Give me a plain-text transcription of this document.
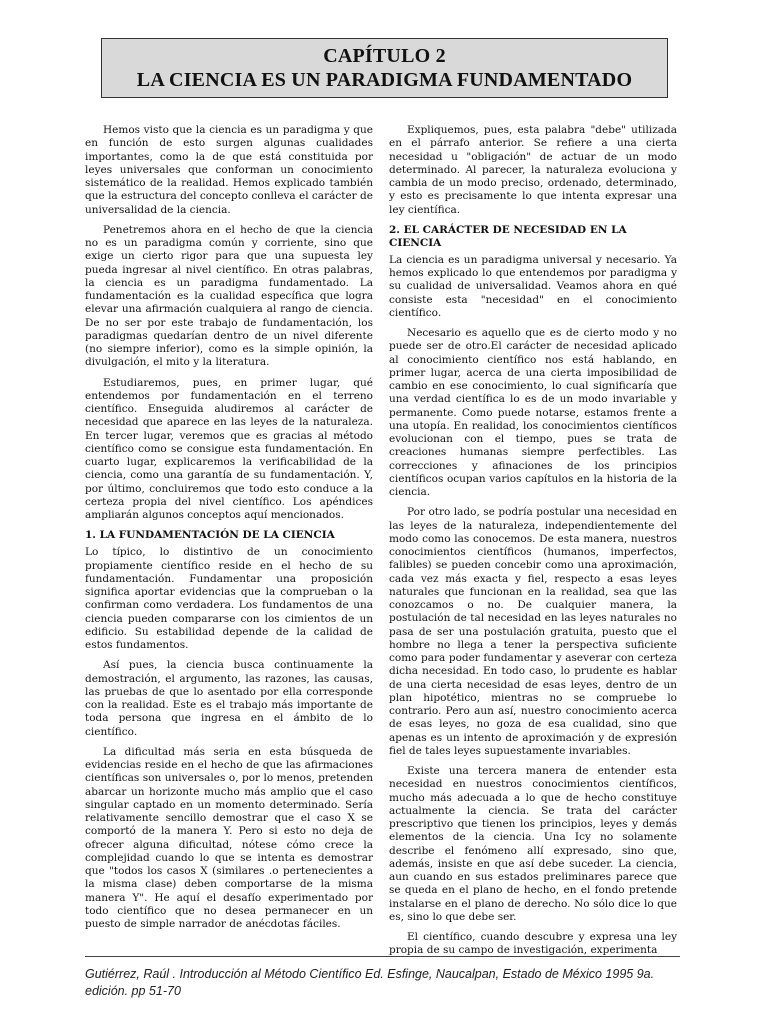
CAPÍTULO 2
LA CIENCIA ES UN PARADIGMA FUNDAMENTADO

Hemos visto que la ciencia es un paradigma y que en función de esto surgen algunas cualidades importantes, como la de que está constituida por leyes universales que conforman un conocimiento sistemático de la realidad. Hemos explicado también que la estructura del concepto conlleva el carácter de universalidad de la ciencia.

Penetremos ahora en el hecho de que la ciencia no es un paradigma común y corriente, sino que exige un cierto rigor para que una supuesta ley pueda ingresar al nivel científico. En otras palabras, la ciencia es un paradigma fundamentado. La fundamentación es la cualidad específica que logra elevar una afirmación cualquiera al rango de ciencia. De no ser por este trabajo de fundamentación, los paradigmas quedarían dentro de un nivel diferente (no siempre inferior), como es la simple opinión, la divulgación, el mito y la literatura.

Estudiaremos, pues, en primer lugar, qué entendemos por fundamentación en el terreno científico. Enseguida aludiremos al carácter de necesidad que aparece en las leyes de la naturaleza. En tercer lugar, veremos que es gracias al método científico como se consigue esta fundamentación. En cuarto lugar, explicaremos la verificabilidad de la ciencia, como una garantía de su fundamentación. Y, por último, concluiremos que todo esto conduce a la certeza propia del nivel científico. Los apéndices ampliarán algunos conceptos aquí mencionados.

1. LA FUNDAMENTACIÓN DE LA CIENCIA

Lo típico, lo distintivo de un conocimiento propiamente científico reside en el hecho de su fundamentación. Fundamentar una proposición significa aportar evidencias que la comprueban o la confirman como verdadera. Los fundamentos de una ciencia pueden compararse con los cimientos de un edificio. Su estabilidad depende de la calidad de estos fundamentos.

Así pues, la ciencia busca continuamente la demostración, el argumento, las razones, las causas, las pruebas de que lo asentado por ella corresponde con la realidad. Este es el trabajo más importante de toda persona que ingresa en el ámbito de lo científico.

La dificultad más seria en esta búsqueda de evidencias reside en el hecho de que las afirmaciones científicas son universales o, por lo menos, pretenden abarcar un horizonte mucho más amplio que el caso singular captado en un momento determinado. Sería relativamente sencillo demostrar que el caso X se comportó de la manera Y. Pero si esto no deja de ofrecer alguna dificultad, nótese cómo crece la complejidad cuando lo que se intenta es demostrar que "todos los casos X (similares .o pertenecientes a la misma clase) deben comportarse de la misma manera Y". He aquí el desafío experimentado por todo científico que no desea permanecer en un puesto de simple narrador de anécdotas fáciles.

Expliquemos, pues, esta palabra "debe" utilizada en el párrafo anterior. Se refiere a una cierta necesidad u "obligación" de actuar de un modo determinado. Al parecer, la naturaleza evoluciona y cambia de un modo preciso, ordenado, determinado, y esto es precisamente lo que intenta expresar una ley científica.

2. EL CARÁCTER DE NECESIDAD EN LA CIENCIA

La ciencia es un paradigma universal y necesario. Ya hemos explicado lo que entendemos por paradigma y su cualidad de universalidad. Veamos ahora en qué consiste esta "necesidad" en el conocimiento científico.

Necesario es aquello que es de cierto modo y no puede ser de otro.El carácter de necesidad aplicado al conocimiento científico nos está hablando, en primer lugar, acerca de una cierta imposibilidad de cambio en ese conocimiento, lo cual significaría que una verdad científica lo es de un modo invariable y permanente. Como puede notarse, estamos frente a una utopía. En realidad, los conocimientos científicos evolucionan con el tiempo, pues se trata de creaciones humanas siempre perfectibles. Las correcciones y afinaciones de los principios científicos ocupan varios capítulos en la historia de la ciencia.

Por otro lado, se podría postular una necesidad en las leyes de la naturaleza, independientemente del modo como las conocemos. De esta manera, nuestros conocimientos científicos (humanos, imperfectos, falibles) se pueden concebir como una aproximación, cada vez más exacta y fiel, respecto a esas leyes naturales que funcionan en la realidad, sea que las conozcamos o no. De cualquier manera, la postulación de tal necesidad en las leyes naturales no pasa de ser una postulación gratuita, puesto que el hombre no llega a tener la perspectiva suficiente como para poder fundamentar y aseverar con certeza dicha necesidad. En todo caso, lo prudente es hablar de una cierta necesidad de esas leyes, dentro de un plan hipotético, mientras no se compruebe lo contrario. Pero aun así, nuestro conocimiento acerca de esas leyes, no goza de esa cualidad, sino que apenas es un intento de aproximación y de expresión fiel de tales leyes supuestamente invariables.

Existe una tercera manera de entender esta necesidad en nuestros conocimientos científicos, mucho más adecuada a lo que de hecho constituye actualmente la ciencia. Se trata del carácter prescriptivo que tienen los principios, leyes y demás elementos de la ciencia. Una Icy no solamente describe el fenómeno allí expresado, sino que, además, insiste en que así debe suceder. La ciencia, aun cuando en sus estados preliminares parece que se queda en el plano de hecho, en el fondo pretende instalarse en el plano de derecho. No sólo dice lo que es, sino lo que debe ser.

El científico, cuando descubre y expresa una ley propia de su campo de investigación, experimenta

Gutiérrez, Raúl . Introducción al Método Científico Ed. Esfinge, Naucalpan, Estado de México 1995 9a. edición. pp 51-70
